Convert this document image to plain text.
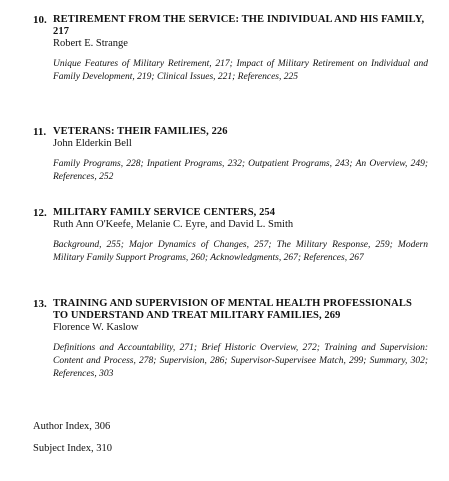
10. RETIREMENT FROM THE SERVICE: THE INDIVIDUAL AND HIS FAMILY, 217
Robert E. Strange
Unique Features of Military Retirement, 217; Impact of Military Retirement on Individual and Family Development, 219; Clinical Issues, 221; References, 225
11. VETERANS: THEIR FAMILIES, 226
John Elderkin Bell
Family Programs, 228; Inpatient Programs, 232; Outpatient Programs, 243; An Overview, 249; References, 252
12. MILITARY FAMILY SERVICE CENTERS, 254
Ruth Ann O'Keefe, Melanie C. Eyre, and David L. Smith
Background, 255; Major Dynamics of Changes, 257; The Military Response, 259; Modern Military Family Support Programs, 260; Acknowledgments, 267; References, 267
13. TRAINING AND SUPERVISION OF MENTAL HEALTH PROFESSIONALS TO UNDERSTAND AND TREAT MILITARY FAMILIES, 269
Florence W. Kaslow
Definitions and Accountability, 271; Brief Historic Overview, 272; Training and Supervision: Content and Process, 278; Supervision, 286; Supervisor-Supervisee Match, 299; Summary, 302; References, 303
Author Index, 306
Subject Index, 310
